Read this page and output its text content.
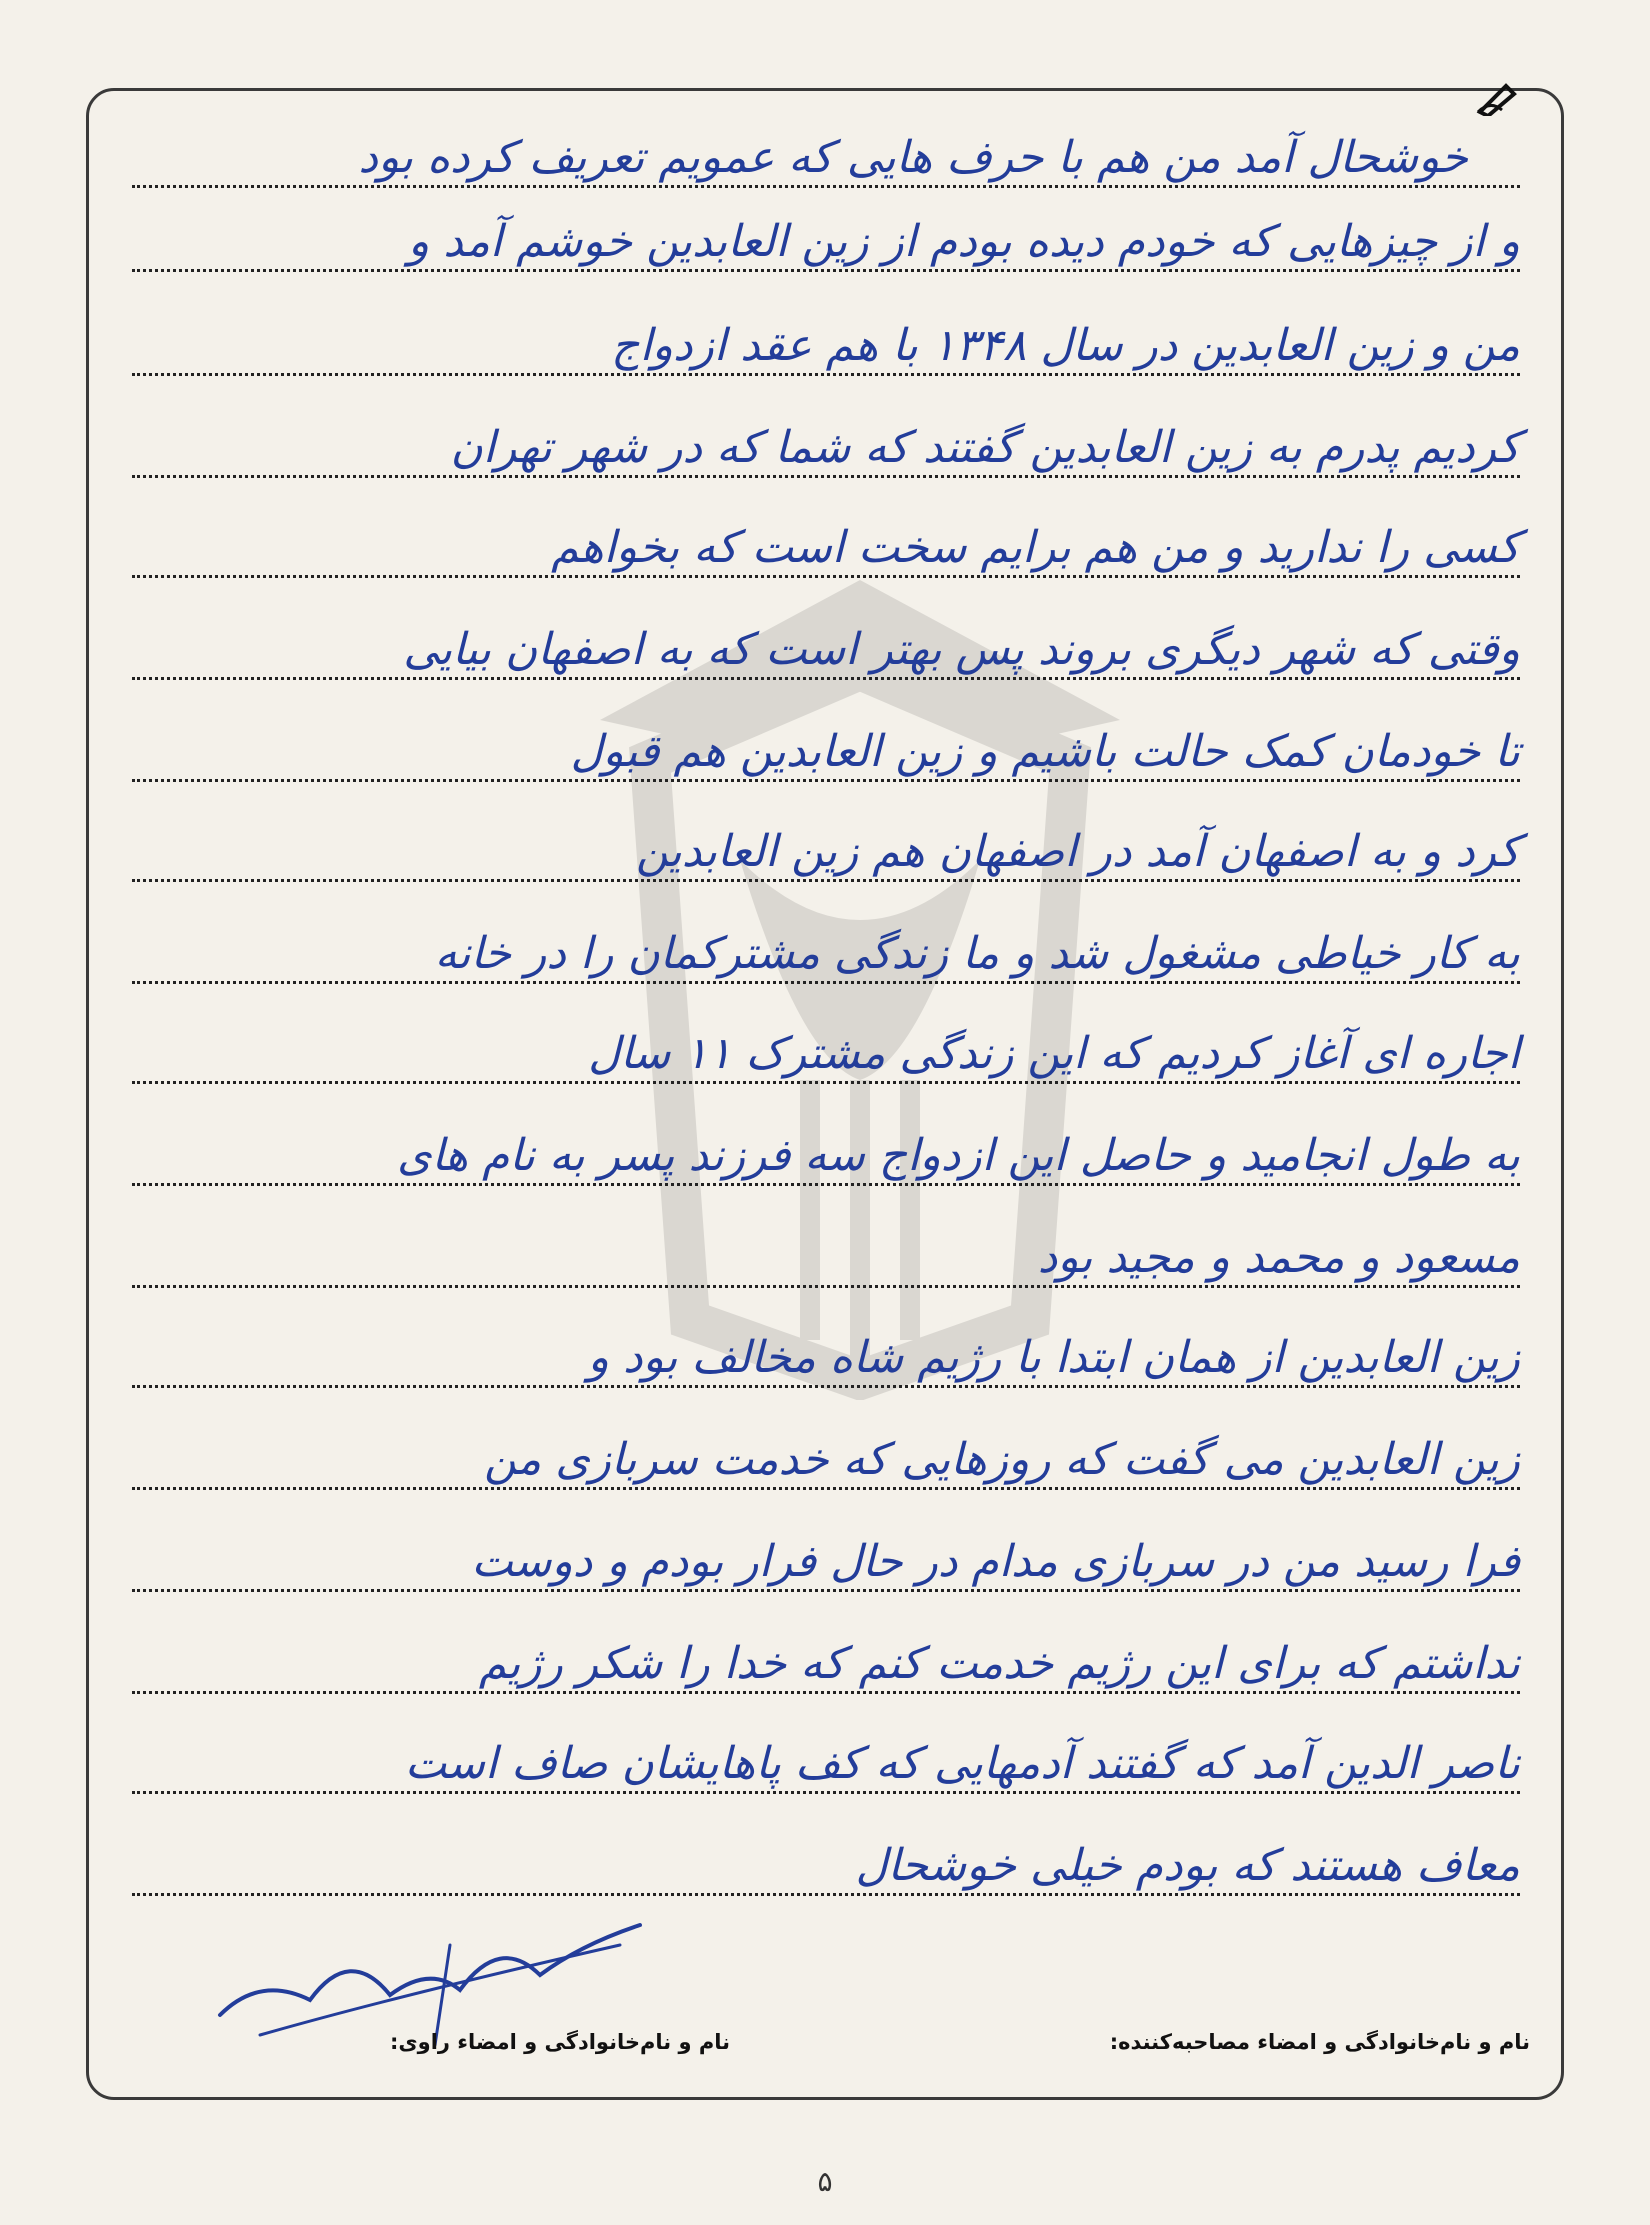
خوشحال آمد من هم با حرف هایی که عمویم تعریف کرده بود
و از چیزهایی که خودم دیده بودم از زین العابدین خوشم آمد و
من و زین العابدین در سال ۱۳۴۸ با هم عقد ازدواج
کردیم پدرم به زین العابدین گفتند که شما که در شهر تهران
کسی را ندارید و من هم برایم سخت است که بخواهم
وقتی که شهر دیگری بروند پس بهتر است که به اصفهان بیایی
تا خودمان کمک حالت باشیم و زین العابدین هم قبول
کرد و به اصفهان آمد در اصفهان هم زین العابدین
به کار خیاطی مشغول شد و ما زندگی مشترکمان را در خانه
اجاره ای آغاز کردیم که این زندگی مشترک ۱۱ سال
به طول انجامید و حاصل این ازدواج سه فرزند پسر به نام های
مسعود و محمد و مجید بود
زین العابدین از همان ابتدا با رژیم شاه مخالف بود و
زین العابدین می گفت که روزهایی که خدمت سربازی من
فرا رسید من در سربازی مدام در حال فرار بودم و دوست
نداشتم که برای این رژیم خدمت کنم که خدا را شکر رژیم
ناصر الدین آمد که گفتند آدمهایی که کف پاهایشان صاف است
معاف هستند که بودم خیلی خوشحال
نام و نام‌خانوادگی و امضاء مصاحبه‌کننده:
نام و نام‌خانوادگی و امضاء راوی:
۵
